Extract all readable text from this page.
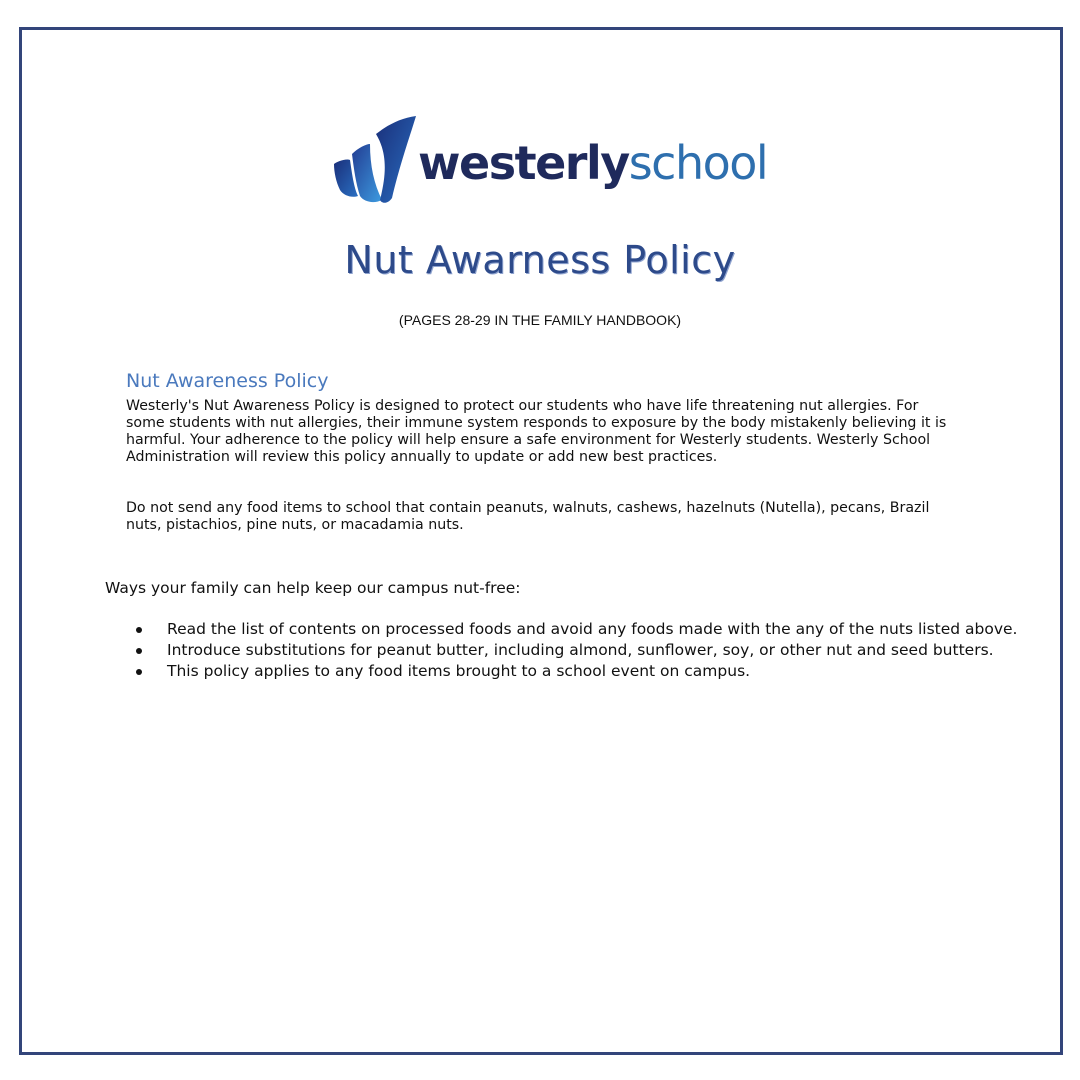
westerlyschool
Nut Awarness Policy
(PAGES 28-29 IN THE FAMILY HANDBOOK)
Nut Awareness Policy
Westerly's Nut Awareness Policy is designed to protect our students who have life threatening nut allergies. For some students with nut allergies, their immune system responds to exposure by the body mistakenly believing it is harmful. Your adherence to the policy will help ensure a safe environment for Westerly students. Westerly School Administration will review this policy annually to update or add new best practices.
Do not send any food items to school that contain peanuts, walnuts, cashews, hazelnuts (Nutella), pecans, Brazil nuts, pistachios, pine nuts, or macadamia nuts.
Ways your family can help keep our campus nut-free:
Read the list of contents on processed foods and avoid any foods made with the any of the nuts listed above.
Introduce substitutions for peanut butter, including almond, sunflower, soy, or other nut and seed butters.
This policy applies to any food items brought to a school event on campus.
